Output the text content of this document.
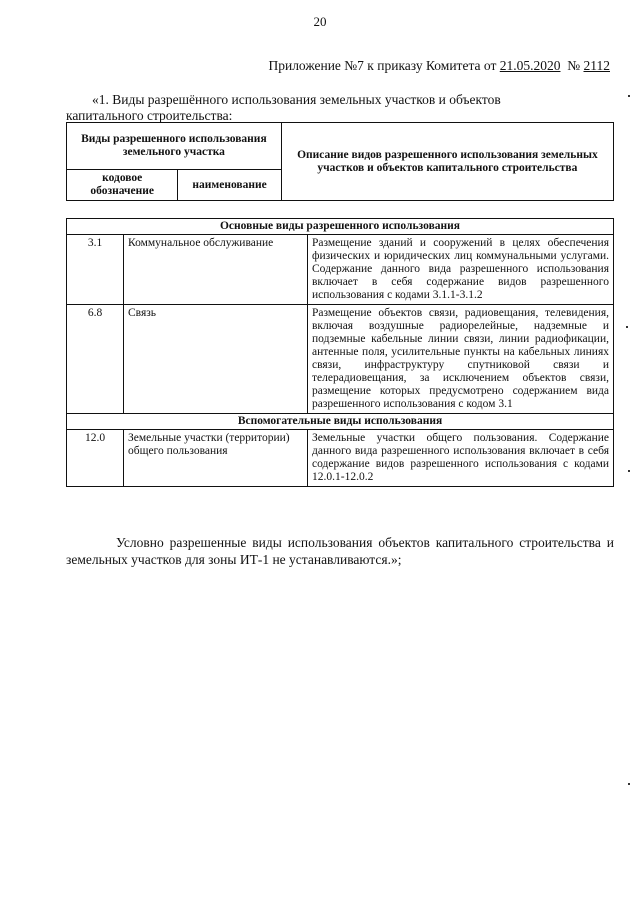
20
Приложение №7 к приказу Комитета от 21.05.2020  № 2112
«1. Виды разрешённого использования земельных участков и объектов
капитального строительства:
Виды разрешенного использования земельного участка		Описание видов разрешенного использования земельных участков и объектов капитального строительства
кодовое обозначение	наименование	
Основные виды разрешенного использования		
3.1	Коммунальное обслуживание	Размещение зданий и сооружений в целях обеспечения физических и юридических лиц коммунальными услугами. Содержание данного вида разрешенного использования включает в себя содержание видов разрешенного использования с кодами 3.1.1-3.1.2
6.8	Связь	Размещение объектов связи, радиовещания, телевидения, включая воздушные радиорелейные, надземные и подземные кабельные линии связи, линии радиофикации, антенные поля, усилительные пункты на кабельных линиях связи, инфраструктуру спутниковой связи и телерадиовещания, за исключением объектов связи, размещение которых предусмотрено содержанием вида разрешенного использования с кодом 3.1
Вспомогательные виды использования		
12.0	Земельные участки (территории) общего пользования	Земельные участки общего пользования. Содержание данного вида разрешенного использования включает в себя содержание видов разрешенного использования с кодами 12.0.1-12.0.2
Условно разрешенные виды использования объектов капитального строительства и земельных участков для зоны ИТ-1 не устанавливаются.»;
